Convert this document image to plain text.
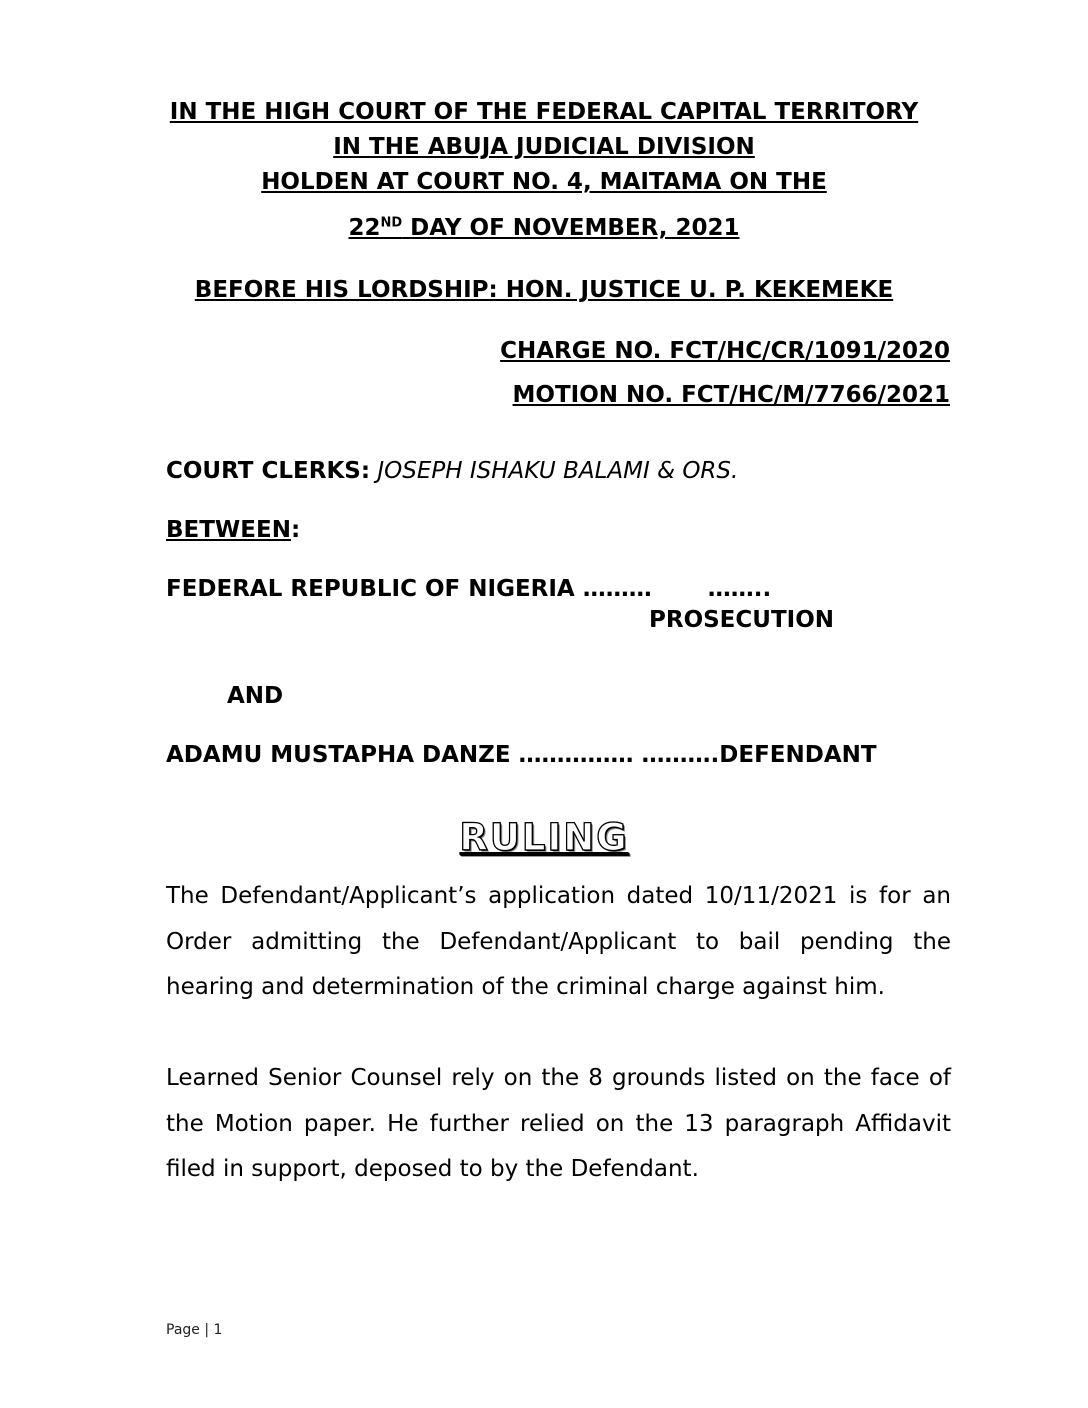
IN THE HIGH COURT OF THE FEDERAL CAPITAL TERRITORY
IN THE ABUJA JUDICIAL DIVISION
HOLDEN AT COURT NO. 4, MAITAMA ON THE
22ND DAY OF NOVEMBER, 2021
BEFORE HIS LORDSHIP: HON. JUSTICE U. P. KEKEMEKE
CHARGE NO. FCT/HC/CR/1091/2020
MOTION NO. FCT/HC/M/7766/2021
COURT CLERKS: JOSEPH ISHAKU BALAMI & ORS.
BETWEEN:
FEDERAL REPUBLIC OF NIGERIA ………       ……..
PROSECUTION
AND
ADAMU MUSTAPHA DANZE …………… ……….DEFENDANT
RULING
The Defendant/Applicant’s application dated 10/11/2021 is for an Order admitting the Defendant/Applicant to bail pending the hearing and determination of the criminal charge against him.
Learned Senior Counsel rely on the 8 grounds listed on the face of the Motion paper. He further relied on the 13 paragraph Affidavit filed in support, deposed to by the Defendant.
Page | 1
